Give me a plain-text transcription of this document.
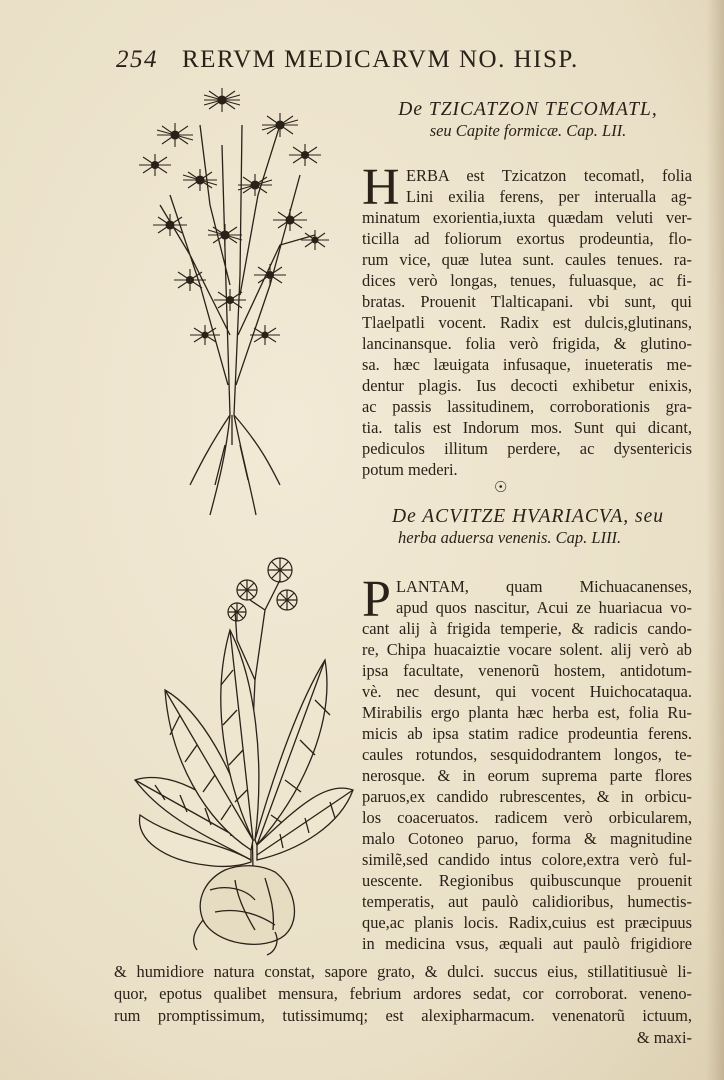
254 RERVM MEDICARVM NO. HISP.
De TZICATZON TECOMATL,
seu Capite formicæ. Cap. LII.
H ERBA est Tzicatzon tecomatl, folia
Lini exilia ferens, per interualla ag-
minatum exorientia,iuxta quædam veluti ver-
ticilla ad foliorum exortus prodeuntia, flo-
rum vice, quæ lutea sunt. caules tenues. ra-
dices verò longas, tenues, fuluasque, ac fi-
bratas. Prouenit Tlalticapani. vbi sunt, qui
Tlaelpatli vocent. Radix est dulcis,glutinans,
lancinansque. folia verò frigida, & glutino-
sa. hæc læuigata infusaque, inueteratis me-
dentur plagis. Ius decocti exhibetur enixis,
ac passis lassitudinem, corroborationis gra-
tia. talis est Indorum mos. Sunt qui dicant,
pediculos illitum perdere, ac dysentericis
potum mederi.
☉
De ACVITZE HVARIACVA, seu
herba aduersa venenis. Cap. LIII.
P LANTAM, quam Michuacanenses,
apud quos nascitur, Acui ze huariacua vo-
cant alij à frigida temperie, & radicis cando-
re, Chipa huacaiztie vocare solent. alij verò ab
ipsa facultate, venenorũ hostem, antidotum-
vè. nec desunt, qui vocent Huichocataqua.
Mirabilis ergo planta hæc herba est, folia Ru-
micis ab ipsa statim radice prodeuntia ferens.
caules rotundos, sesquidodrantem longos, te-
nerosque. & in eorum suprema parte flores
paruos,ex candido rubrescentes, & in orbicu-
los coaceruatos. radicem verò orbicularem,
malo Cotoneo paruo, forma & magnitudine
similẽ,sed candido intus colore,extra verò ful-
uescente. Regionibus quibuscunque prouenit
temperatis, aut paulò calidioribus, humectis-
que,ac planis locis. Radix,cuius est præcipuus
in medicina vsus, æquali aut paulò frigidiore
& humidiore natura constat, sapore grato, & dulci. succus eius, stillatitiusuè li-
quor, epotus qualibet mensura, febrium ardores sedat, cor corroborat. veneno-
rum promptissimum, tutissimumq; est alexipharmacum. venenatorũ ictuum,
& maxi-
